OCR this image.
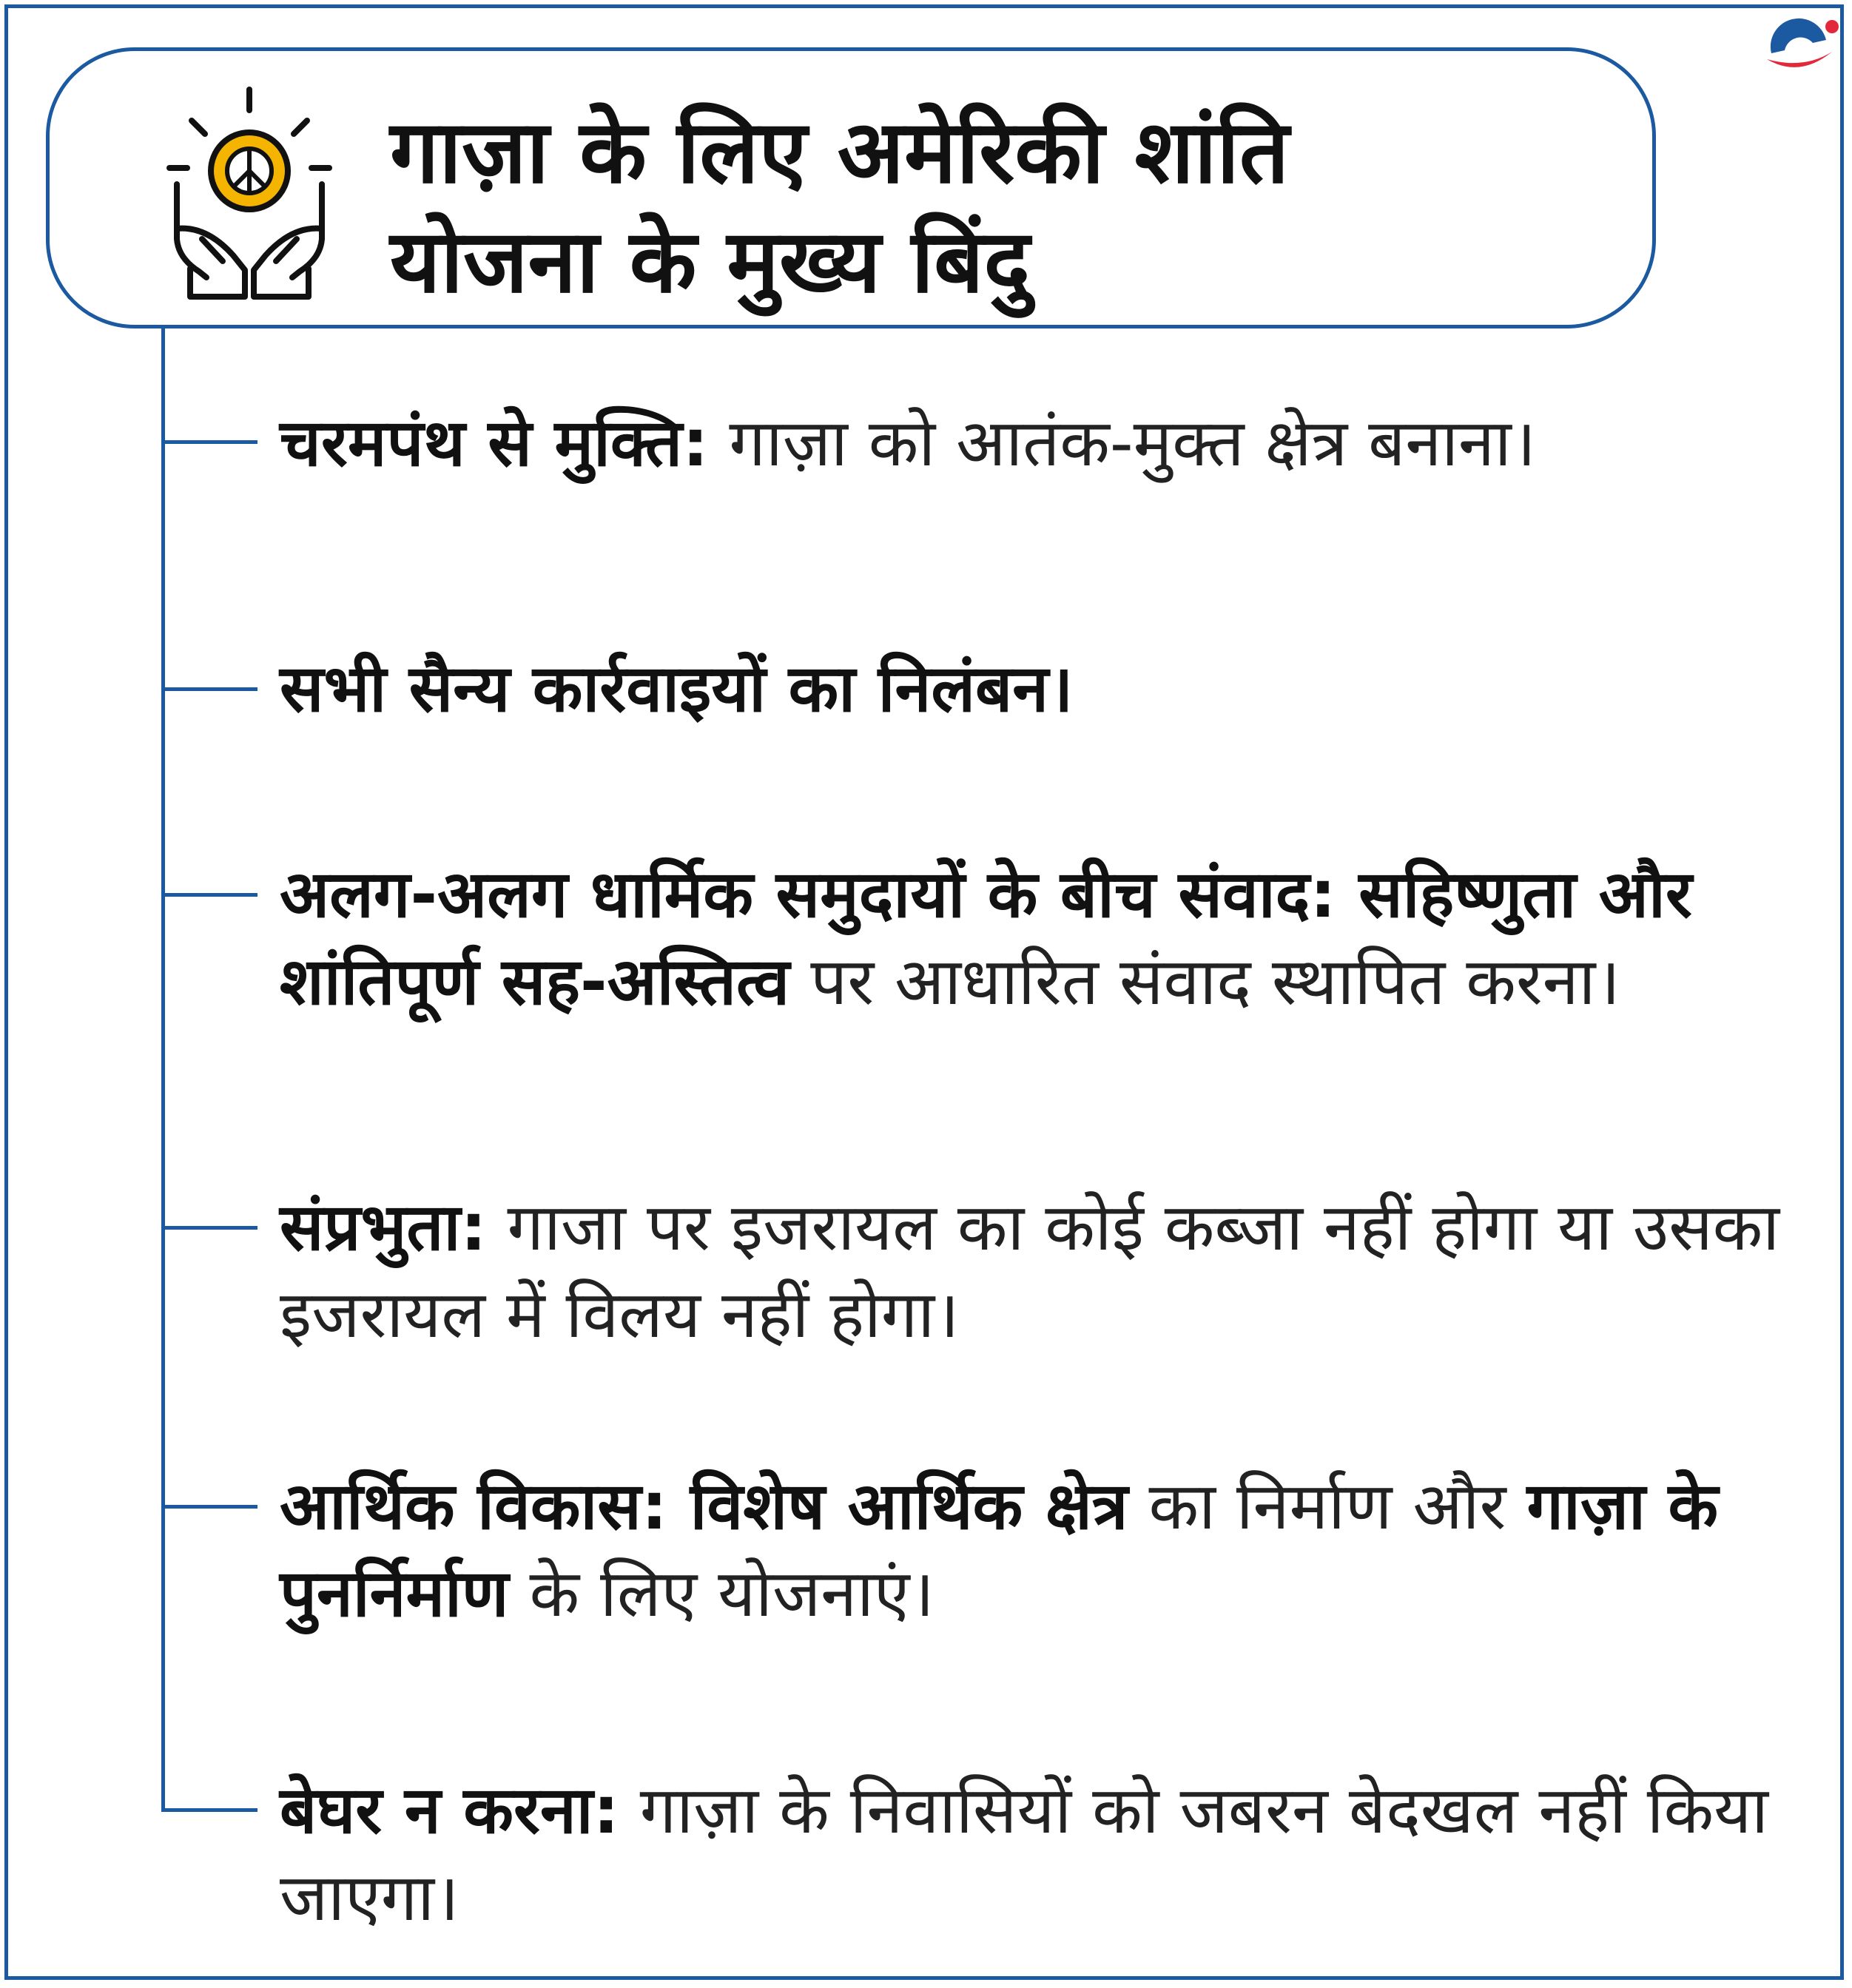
गाज़ा के लिए अमेरिकी शांति
योजना के मुख्य बिंदु

चरमपंथ से मुक्ति: गाज़ा को आतंक-मुक्त क्षेत्र बनाना।

सभी सैन्य कार्रवाइयों का निलंबन।

अलग-अलग धार्मिक समुदायों के बीच संवाद: सहिष्णुता और शांतिपूर्ण सह-अस्तित्व पर आधारित संवाद स्थापित करना।

संप्रभुता: गाजा पर इजरायल का कोई कब्जा नहीं होगा या उसका इजरायल में विलय नहीं होगा।

आर्थिक विकास: विशेष आर्थिक क्षेत्र का निर्माण और गाज़ा के पुनर्निर्माण के लिए योजनाएं।

बेघर न करना: गाज़ा के निवासियों को जबरन बेदखल नहीं किया जाएगा।
